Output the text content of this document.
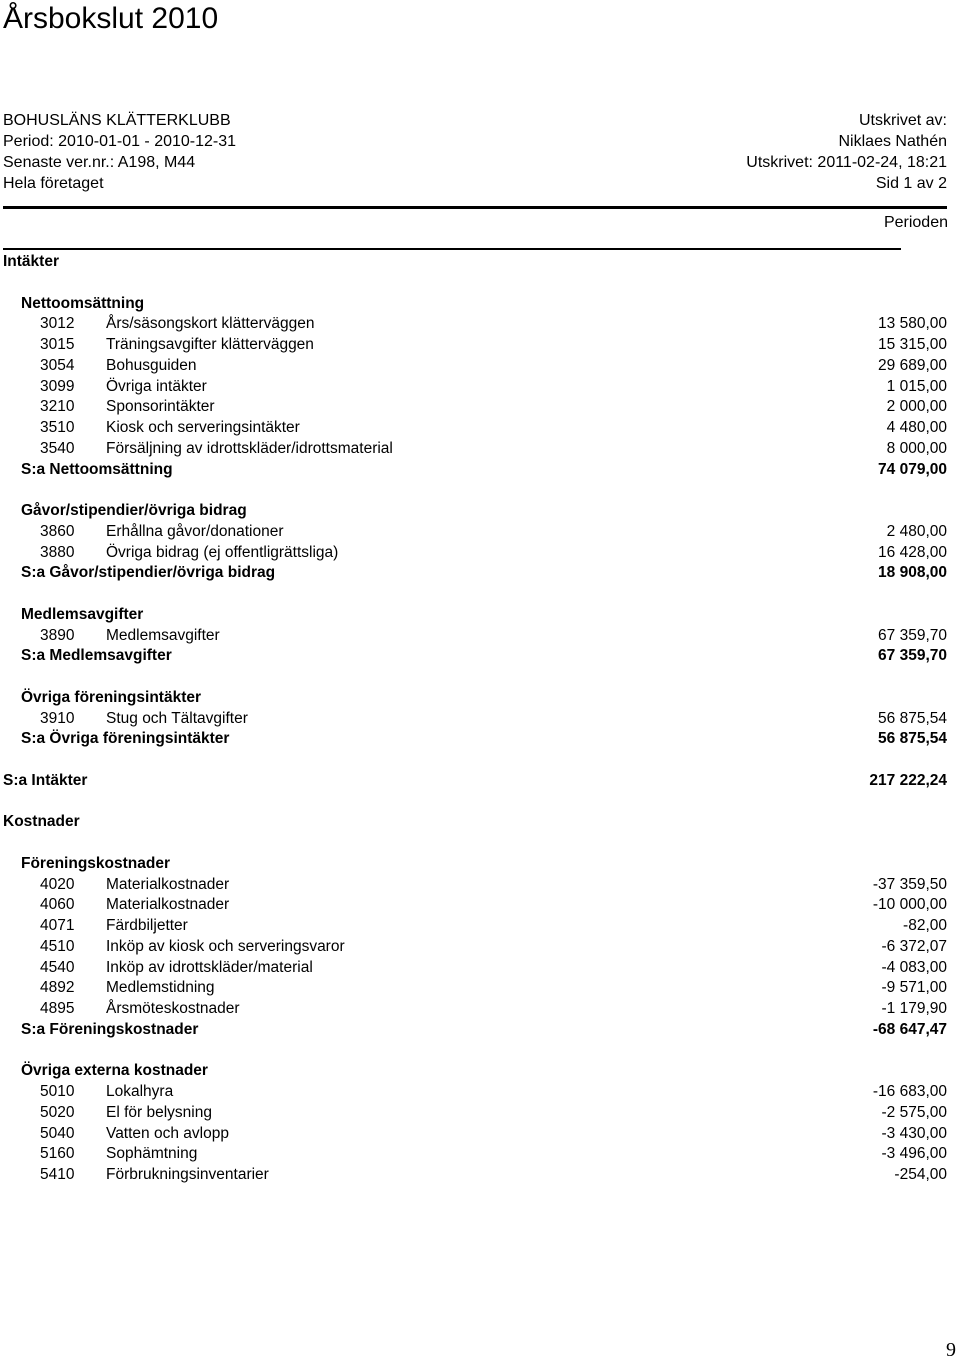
Årsbokslut 2010
BOHUSLÄNS KLÄTTERKLUBB	Utskrivet av:
Period: 2010-01-01 - 2010-12-31	Niklaes Nathén
Senaste ver.nr.: A198, M44	Utskrivet: 2011-02-24, 18:21
Hela företaget	Sid 1 av 2
Perioden
Intäkter
Nettoomsättning
3012 Års/säsongskort klätterväggen	13 580,00
3015 Träningsavgifter klätterväggen	15 315,00
3054 Bohusguiden	29 689,00
3099 Övriga intäkter	1 015,00
3210 Sponsorintäkter	2 000,00
3510 Kiosk och serveringsintäkter	4 480,00
3540 Försäljning av idrottskläder/idrottsmaterial	8 000,00
S:a Nettoomsättning	74 079,00
Gåvor/stipendier/övriga bidrag
3860 Erhållna gåvor/donationer	2 480,00
3880 Övriga bidrag (ej offentligrättsliga)	16 428,00
S:a Gåvor/stipendier/övriga bidrag	18 908,00
Medlemsavgifter
3890 Medlemsavgifter	67 359,70
S:a Medlemsavgifter	67 359,70
Övriga föreningsintäkter
3910 Stug och Tältavgifter	56 875,54
S:a Övriga föreningsintäkter	56 875,54
S:a Intäkter	217 222,24
Kostnader
Föreningskostnader
4020 Materialkostnader	-37 359,50
4060 Materialkostnader	-10 000,00
4071 Färdbiljetter	-82,00
4510 Inköp av kiosk och serveringsvaror	-6 372,07
4540 Inköp av idrottskläder/material	-4 083,00
4892 Medlemstidning	-9 571,00
4895 Årsmöteskostnader	-1 179,90
S:a Föreningskostnader	-68 647,47
Övriga externa kostnader
5010 Lokalhyra	-16 683,00
5020 El för belysning	-2 575,00
5040 Vatten och avlopp	-3 430,00
5160 Sophämtning	-3 496,00
5410 Förbrukningsinventarier	-254,00
9
